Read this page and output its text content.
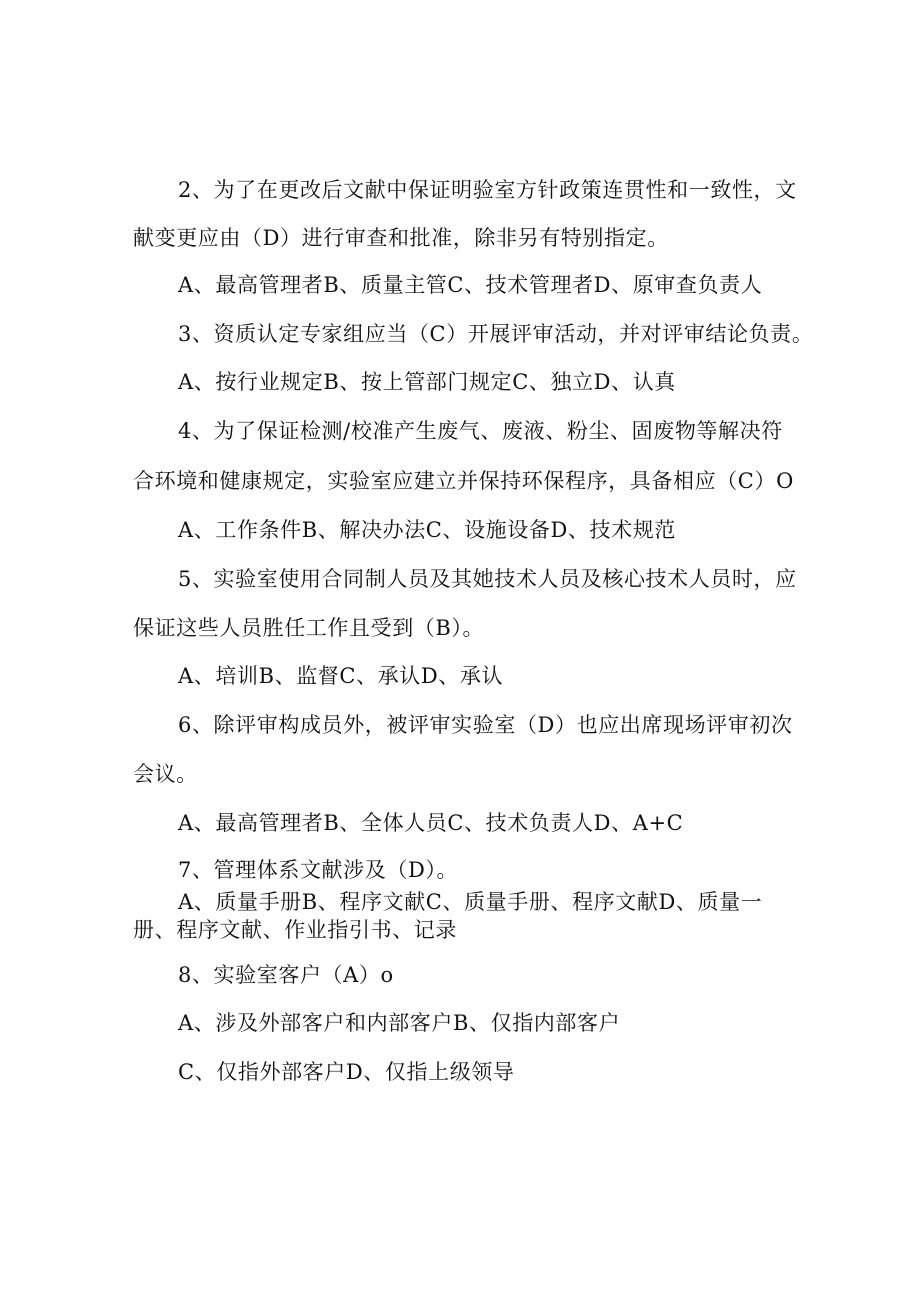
2、为了在更改后文献中保证明验室方针政策连贯性和一致性，文
献变更应由（D）进行审查和批准，除非另有特别指定。
A、最高管理者B、质量主管C、技术管理者D、原审查负责人
3、资质认定专家组应当（C）开展评审活动，并对评审结论负责。
A、按行业规定B、按上管部门规定C、独立D、认真
4、为了保证检测/校准产生废气、废液、粉尘、固废物等解决符
合环境和健康规定，实验室应建立并保持环保程序，具备相应（C）O
A、工作条件B、解决办法C、设施设备D、技术规范
5、实验室使用合同制人员及其她技术人员及核心技术人员时，应
保证这些人员胜任工作且受到（B）。
A、培训B、监督C、承认D、承认
6、除评审构成员外，被评审实验室（D）也应出席现场评审初次
会议。
A、最高管理者B、全体人员C、技术负责人D、A+C
7、管理体系文献涉及（D）。
A、质量手册B、程序文献C、质量手册、程序文献D、质量一
册、程序文献、作业指引书、记录
8、实验室客户（A）o
A、涉及外部客户和内部客户B、仅指内部客户
C、仅指外部客户D、仅指上级领导
